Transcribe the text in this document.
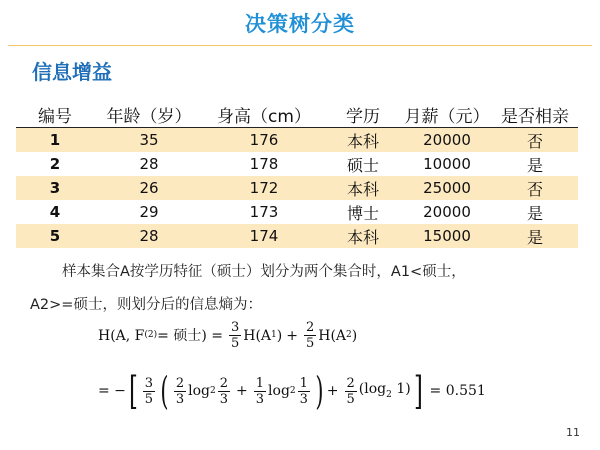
决策树分类
信息增益
编号	年龄（岁）	身高（cm）	学历	月薪（元）	是否相亲
1	35	176	本科	20000	否
2	28	178	硕士	10000	是
3	26	172	本科	25000	否
4	29	173	博士	20000	是
5	28	174	本科	15000	是
样本集合A按学历特征（硕士）划分为两个集合时，A1<硕士，
A2>=硕士，则划分后的信息熵为：
H(A, F (2) = 硕士) = $\frac{3}{5} H(A$ 1 ) + $\frac{2}{5} H(A$ 2 )
= − [ $\frac{3}{5}$ ( $\frac{2}{3}$ $\log 2 \frac{2}{3} + \frac{1}{3}$ $\log 2 \frac{1}{3}$ ) + $\frac{2}{5} (\log_2$ 1) ] = 0.551
11
